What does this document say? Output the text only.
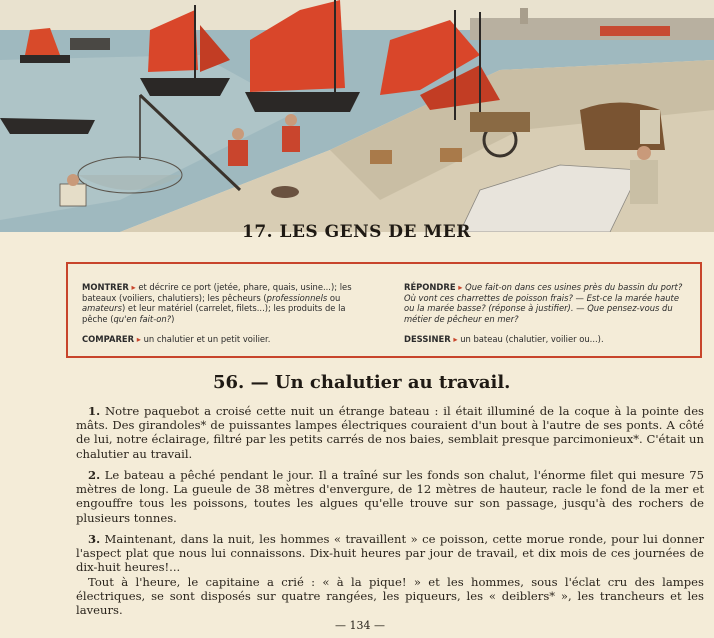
17. LES GENS DE MER
MONTRER ▸ et décrire ce port (jetée, phare, quais, usine...); les bateaux (voiliers, chalutiers); les pêcheurs (professionnels ou amateurs) et leur matériel (carrelet, filets...); les produits de la pêche (qu'en fait-on?)
COMPARER ▸ un chalutier et un petit voilier.
RÉPONDRE ▸ Que fait-on dans ces usines près du bassin du port? Où vont ces charrettes de poisson frais? — Est-ce la marée haute ou la marée basse? (réponse à justifier). — Que pensez-vous du métier de pêcheur en mer?
DESSINER ▸ un bateau (chalutier, voilier ou...).
56. — Un chalutier au travail.

1. Notre paquebot a croisé cette nuit un étrange bateau : il était illuminé de la coque à la pointe des mâts. Des girandoles* de puissantes lampes électriques couraient d'un bout à l'autre de ses ponts. A côté de lui, notre éclairage, filtré par les petits carrés de nos baies, semblait presque parcimonieux*. C'était un chalutier au travail.

2. Le bateau a pêché pendant le jour. Il a traîné sur les fonds son chalut, l'énorme filet qui mesure 75 mètres de long. La gueule de 38 mètres d'envergure, de 12 mètres de hauteur, racle le fond de la mer et engouffre tous les poissons, toutes les algues qu'elle trouve sur son passage, jusqu'à des rochers de plusieurs tonnes.

3. Maintenant, dans la nuit, les hommes « travaillent » ce poisson, cette morue ronde, pour lui donner l'aspect plat que nous lui connaissons. Dix-huit heures par jour de travail, et dix mois de ces journées de dix-huit heures!...

Tout à l'heure, le capitaine a crié : « à la pique! » et les hommes, sous l'éclat cru des lampes électriques, se sont disposés sur quatre rangées, les piqueurs, les « deiblers* », les trancheurs et les laveurs.

— 134 —
